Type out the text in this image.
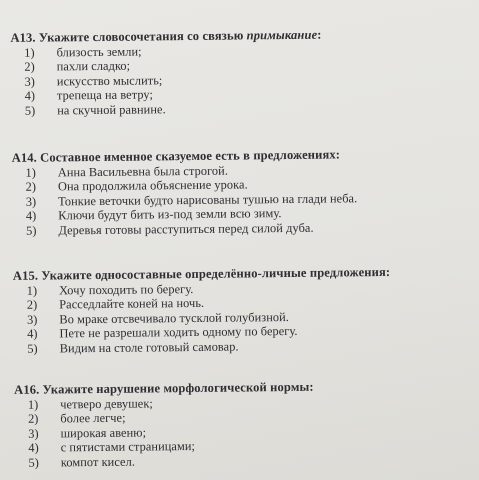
А13. Укажите словосочетания со связью примыкание:
1)	близость земли;
2)	пахли сладко;
3)	искусство мыслить;
4)	трепеща на ветру;
5)	на скучной равнине.
А14. Составное именное сказуемое есть в предложениях:
1)	Анна Васильевна была строгой.
2)	Она продолжила объяснение урока.
3)	Тонкие веточки будто нарисованы тушью на глади неба.
4)	Ключи будут бить из-под земли всю зиму.
5)	Деревья готовы расступиться перед силой дуба.
А15. Укажите односоставные определённо-личные предложения:
1)	Хочу походить по берегу.
2)	Расседлайте коней на ночь.
3)	Во мраке отсвечивало тусклой голубизной.
4)	Пете не разрешали ходить одному по берегу.
5)	Видим на столе готовый самовар.
А16. Укажите нарушение морфологической нормы:
1)	четверо девушек;
2)	более легче;
3)	широкая авеню;
4)	с пятистами страницами;
5)	компот кисел.
